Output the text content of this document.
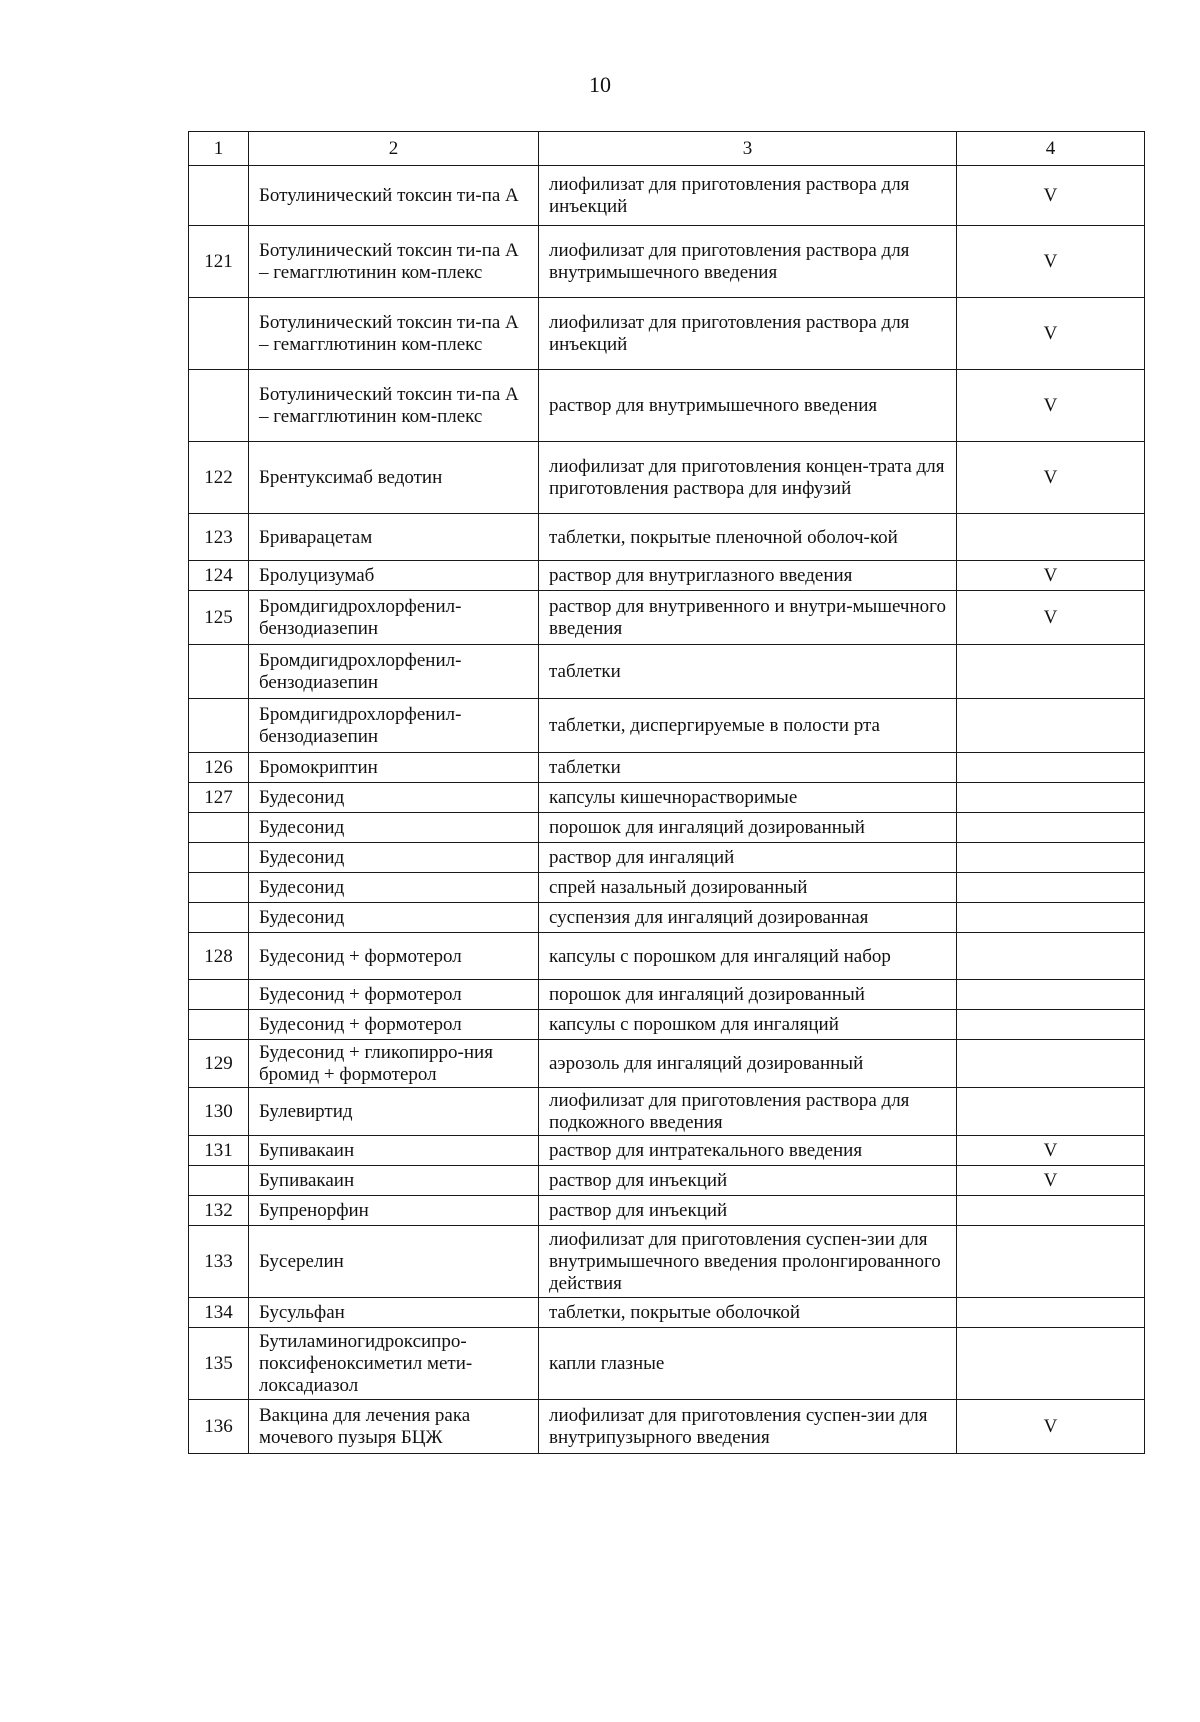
10
1	2	3	4
	Ботулинический токсин ти-па А	лиофилизат для приготовления раствора для инъекций	V
121	Ботулинический токсин ти-па А – гемагглютинин ком-плекс	лиофилизат для приготовления раствора для внутримышечного введения	V
	Ботулинический токсин ти-па А – гемагглютинин ком-плекс	лиофилизат для приготовления раствора для инъекций	V
	Ботулинический токсин ти-па А – гемагглютинин ком-плекс	раствор для внутримышечного введения	V
122	Брентуксимаб ведотин	лиофилизат для приготовления концен-трата для приготовления раствора для инфузий	V
123	Бриварацетам	таблетки, покрытые пленочной оболоч-кой	
124	Бролуцизумаб	раствор для внутриглазного введения	V
125	Бромдигидрохлорфенил-бензодиазепин	раствор для внутривенного и внутри-мышечного введения	V
	Бромдигидрохлорфенил-бензодиазепин	таблетки	
	Бромдигидрохлорфенил-бензодиазепин	таблетки, диспергируемые в полости рта	
126	Бромокриптин	таблетки	
127	Будесонид	капсулы кишечнорастворимые	
	Будесонид	порошок для ингаляций дозированный	
	Будесонид	раствор для ингаляций	
	Будесонид	спрей назальный дозированный	
	Будесонид	суспензия для ингаляций дозированная	
128	Будесонид + формотерол	капсулы с порошком для ингаляций набор	
	Будесонид + формотерол	порошок для ингаляций дозированный	
	Будесонид + формотерол	капсулы с порошком для ингаляций	
129	Будесонид + гликопирро-ния бромид + формотерол	аэрозоль для ингаляций дозированный	
130	Булевиртид	лиофилизат для приготовления раствора для подкожного введения	
131	Бупивакаин	раствор для интратекального введения	V
	Бупивакаин	раствор для инъекций	V
132	Бупренорфин	раствор для инъекций	
133	Бусерелин	лиофилизат для приготовления суспен-зии для внутримышечного введения пролонгированного действия	
134	Бусульфан	таблетки, покрытые оболочкой	
135	Бутиламиногидроксипро-поксифеноксиметил мети-локсадиазол	капли глазные	
136	Вакцина для лечения рака мочевого пузыря БЦЖ	лиофилизат для приготовления суспен-зии для внутрипузырного введения	V
